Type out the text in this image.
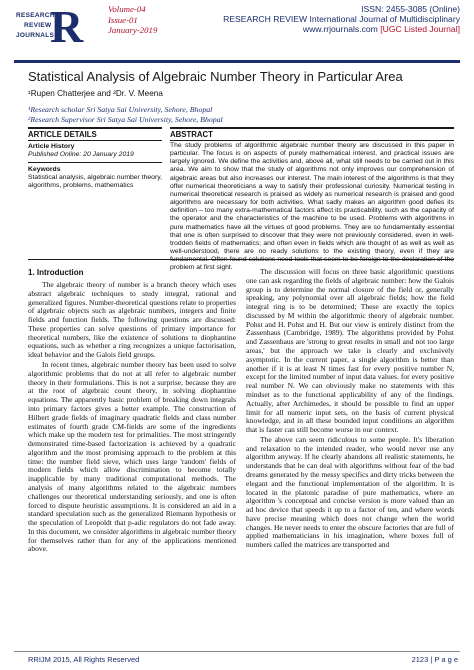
RESEARCH
REVIEW
JOURNALS
R	Volume-04
Issue-01
January-2019
ISSN: 2455-3085 (Online)
RESEARCH REVIEW International Journal of Multidisciplinary
www.rrjournals.com [UGC Listed Journal]
Statistical Analysis of Algebraic Number Theory in Particular Area
¹Rupen Chatterjee and ²Dr. V. Meena
¹Research scholar Sri Satya Sai University, Sehore, Bhopal
²Research Supervisor Sri Satya Sai University, Sehore, Bhopal
ARTICLE DETAILS
Article History
Published Online: 20 January 2019
Keywords
Statistical analysis, algebraic number theory, algorithms, problems, mathematics
ABSTRACT
The study problems of algorithmic algebraic number theory are discussed in this paper in particular. The focus is on aspects of purely mathematical interest, and practical issues are largely ignored. We define the activities and, above all, what still needs to be carried out in this area. We aim to show that the study of algorithms not only improves our comprehension of algebraic areas but also increases our interest. The main interest of the algorithms is that they offer numerical theoreticians a way to satisfy their professional curiosity. Numerical testing in numerical theoretical research is praised as widely as numerical research is praised and good algorithms are necessary for both activities. What sadly makes an algorithm good defies its definition – too many extra-mathematical factors affect its practicability, such as the capacity of the operator and the characteristics of the machine to be used. Problems with algorithms in pure mathematics have all the virtues of good problems. They are so fundamentally essential that one is often surprised to discover that they were not previously considered, even in well-trodden fields of mathematics; and often even in fields which are thought of as well as well as well-understood, there are no ready solutions to the existing theory, even if they are problem at first sight.
1. Introduction

The algebraic theory of number is a branch theory which uses abstract algebraic techniques to study integral, rational and generalized figures. Number-theoretical questions relate to properties of algebraic objects such as algebraic numbers, integers and finite fields and function fields. The following questions are discussed: These properties can solve questions of primary importance for theoretical numbers, like the existence of solutions to diophantine equations, such as whether a ring recognizes a unique factorisation, ideal behavior and the Galois field groups.

In recent times, algebraic number theory has been used to solve algorithmic problems that do not at all refer to algebraic number theory in their formulations. This is not a surprise, because they are at the root of algebraic count theory, in solving diophantine equations. The apparently basic problem of breaking down integrals into primary factors gives a better example. The construction of Hilbert grade fields of imaginary quadratic fields and class number estimates of fourth grade CM-fields are some of the ingredients which make up the modern test for primalities. The most stringently demonstrated time-based factorization is achieved by a quadratic algorithm and the most promising approach to the problem at this time: the number field sieve, which uses large 'random' fields of modern fields which allow discrimination to become totally inapplicable by many traditional computational methods. The analysis of many algorithms related to the algebraic numbers challenges our theoretical understanding seriously, and one is often forced to dispute heuristic assumptions. It is considered an aid in a standard speculation such as the generalized Riemann hypothesis or the speculation of Leopoldt that p-adic regulators do not fade away. In this document, we consider algorithms in algebraic number theory for themselves rather than for any of the applications mentioned above.

The discussion will focus on three basic algorithmic questions one can ask regarding the fields of algebraic number: how the Galois group is to determine the normal closure of the field or, generally speaking, any polynomial over all algebraic fields; how the field integral ring is to be determined; These are exactly the topics discussed by M within the algorithmic theory of algebraic number. Pohst and H. Pohst and H. But our view is entirely distinct from the Zassenhaus (Cambridge, 1989). The algorithms provided by Pohst and Zassenhaus are 'strong to great results in small and not too large areas,' but the approach we take is clearly and exclusively asymptotic. In the current paper, a single algorithm is better than another if it is at least N times fast for every positive number N, except for the limited number of input data values. for every positive real number N. We can obviously make no statements with this mindset as to the functional applicability of any of the findings. Actually, after Archimedes, it should be possible to find an upper limit for all numeric input sets, on the basis of current physical knowledge, and in all these bounded input conditions an algorithm that is faster can still become worse in our context.

The above can seem ridiculous to some people. It's liberation and relaxation to the intended reader, who would never use any algorithm anyway. If he clearly abandons all realistic statements, he understands that he can deal with algorithms without fear of the bad dreams generated by the messy specifics and dirty tricks between the elegant and the functional implementation of the algorithm. It is located in the platonic paradise of pure mathematics, where an algorithm 's conceptual and concise version is more valued than an ad hoc device that speeds it up to a factor of ten, and where words have precise meaning which does not change when the world changes. He never needs to enter the obscure factories that are full of applied mathematicians in his imagination, where boxes full of numbers called the matrices are transported and

RRIJM 2015, All Rights Reserved	2123 | P a g e
